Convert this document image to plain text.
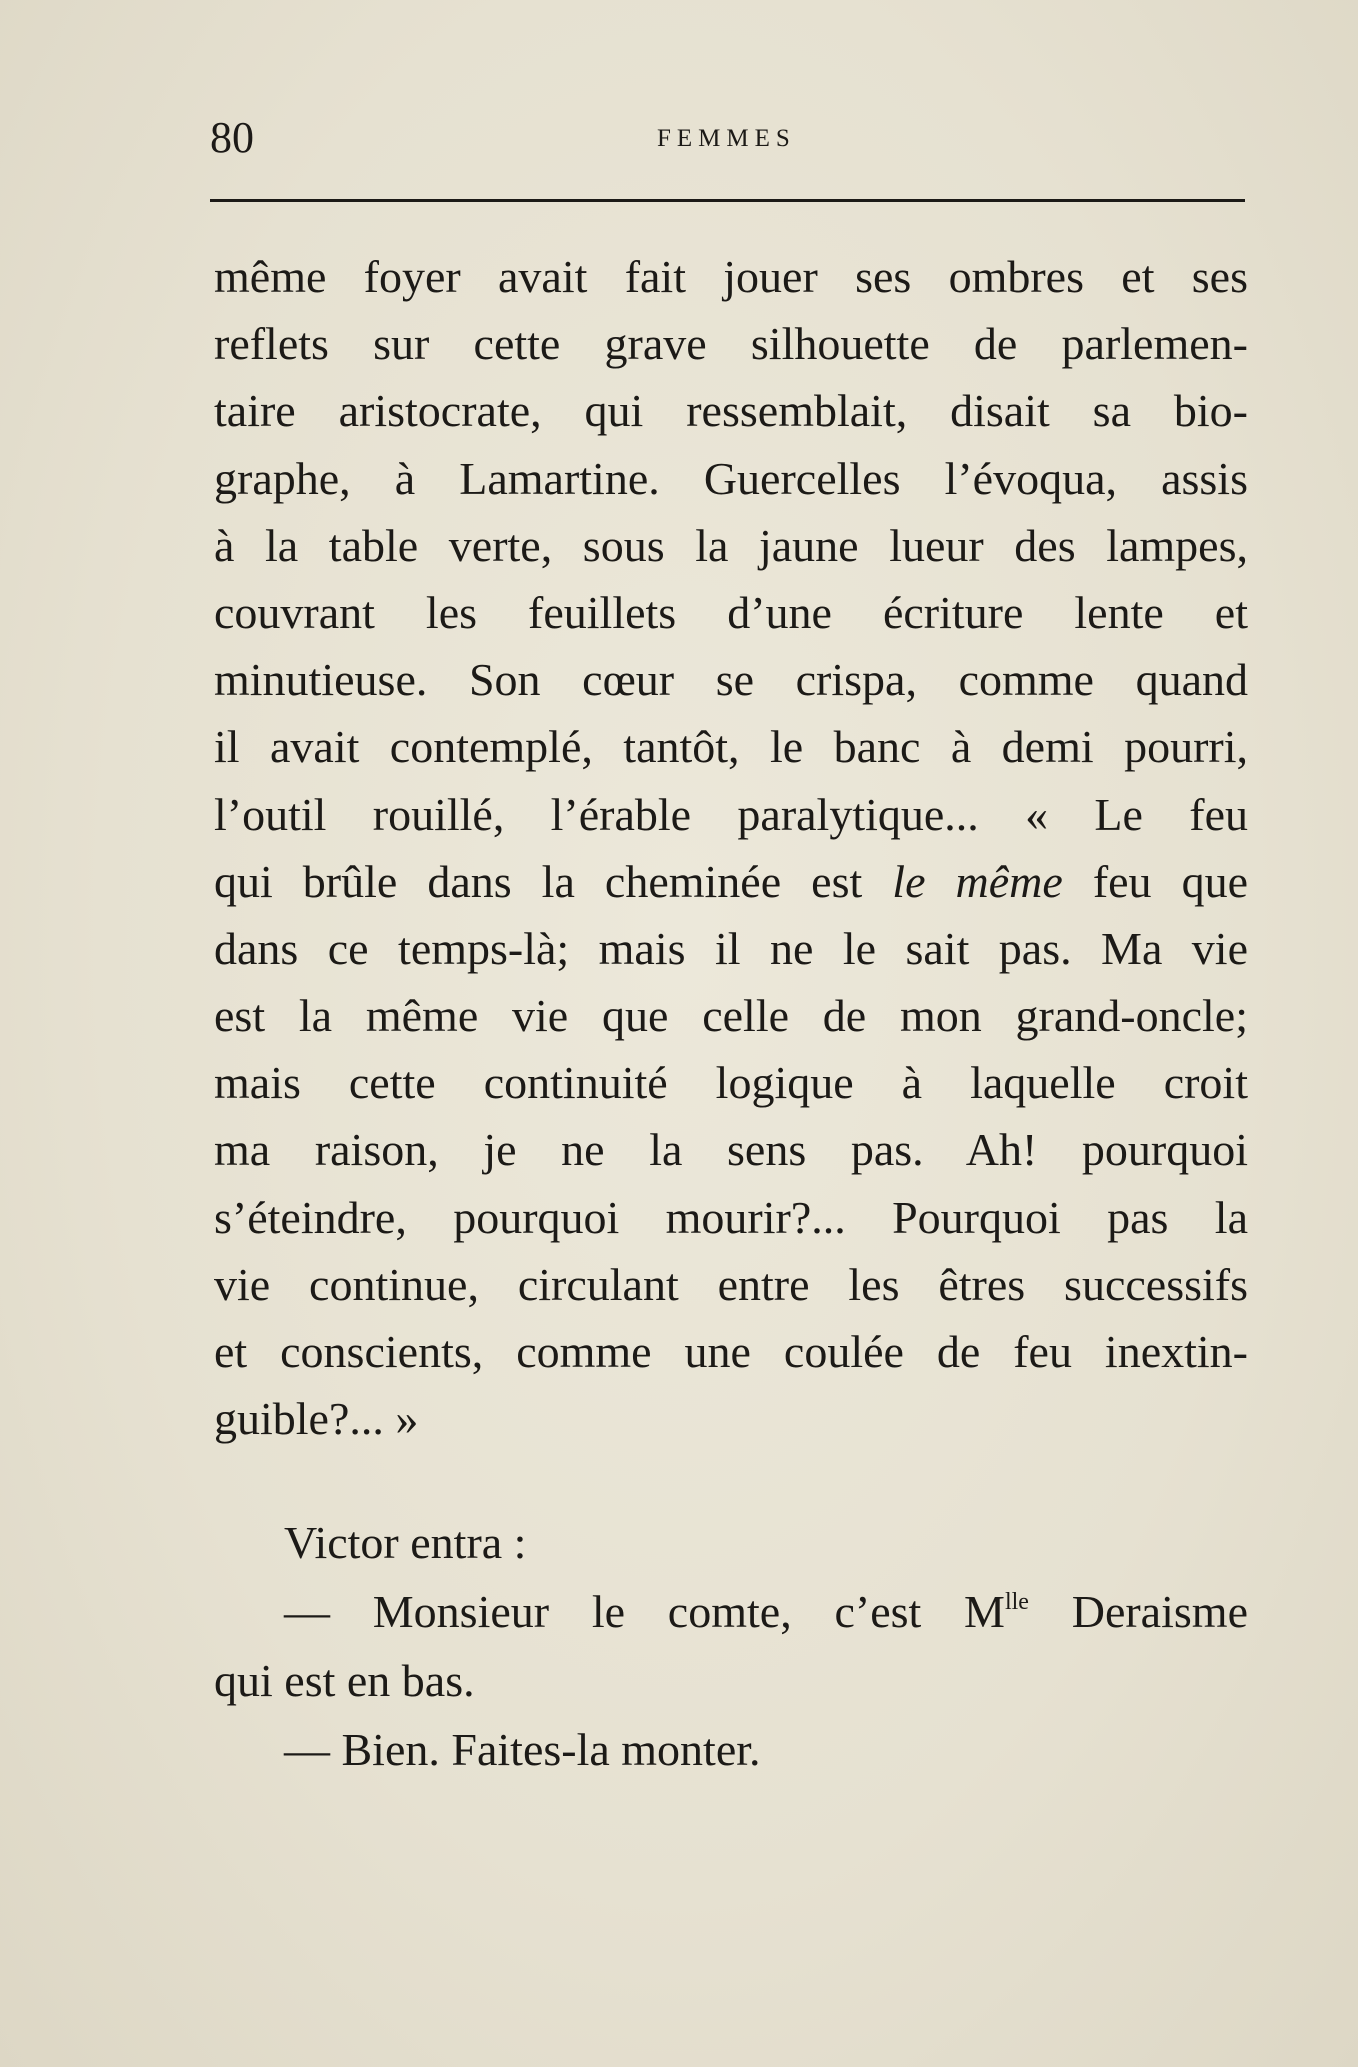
80	FEMMES
même foyer avait fait jouer ses ombres et ses
reflets sur cette grave silhouette de parlemen-
taire aristocrate, qui ressemblait, disait sa bio-
graphe, à Lamartine. Guercelles l’évoqua, assis
à la table verte, sous la jaune lueur des lampes,
couvrant les feuillets d’une écriture lente et
minutieuse. Son cœur se crispa, comme quand
il avait contemplé, tantôt, le banc à demi pourri,
l’outil rouillé, l’érable paralytique... « Le feu
qui brûle dans la cheminée est le même feu que
dans ce temps-là; mais il ne le sait pas. Ma vie
est la même vie que celle de mon grand-oncle;
mais cette continuité logique à laquelle croit
ma raison, je ne la sens pas. Ah! pourquoi
s’éteindre, pourquoi mourir?... Pourquoi pas la
vie continue, circulant entre les êtres successifs
et conscients, comme une coulée de feu inextin-
guible?... »
Victor entra :
— Monsieur le comte, c’est $M^{lle}$ Deraisme
qui est en bas.
— Bien. Faites-la monter.
